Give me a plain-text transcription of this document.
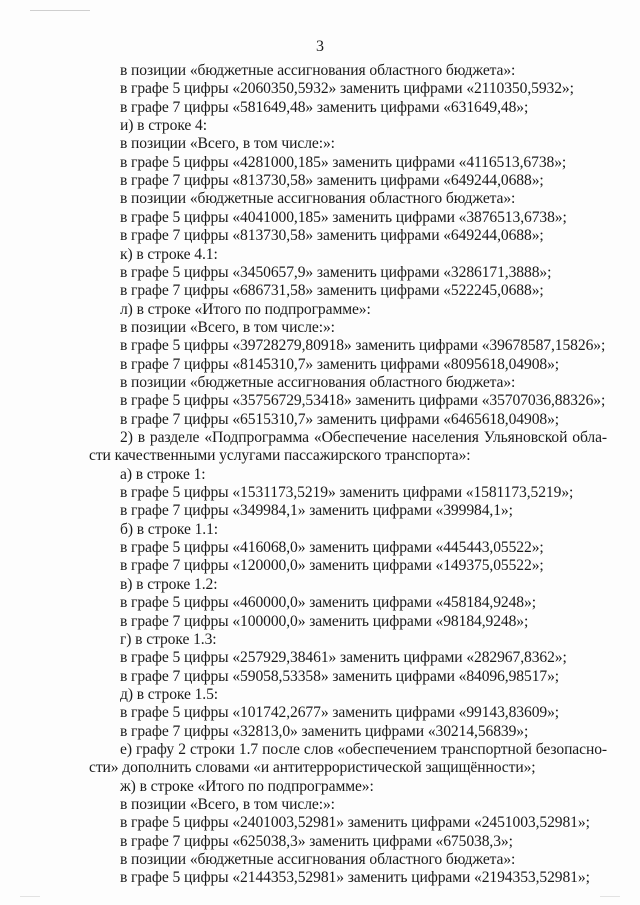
3
в позиции «бюджетные ассигнования областного бюджета»:
в графе 5 цифры «2060350,5932» заменить цифрами «2110350,5932»;
в графе 7 цифры «581649,48» заменить цифрами «631649,48»;
и) в строке 4:
в позиции «Всего, в том числе:»:
в графе 5 цифры «4281000,185» заменить цифрами «4116513,6738»;
в графе 7 цифры «813730,58» заменить цифрами «649244,0688»;
в позиции «бюджетные ассигнования областного бюджета»:
в графе 5 цифры «4041000,185» заменить цифрами «3876513,6738»;
в графе 7 цифры «813730,58» заменить цифрами «649244,0688»;
к) в строке 4.1:
в графе 5 цифры «3450657,9» заменить цифрами «3286171,3888»;
в графе 7 цифры «686731,58» заменить цифрами «522245,0688»;
л) в строке «Итого по подпрограмме»:
в позиции «Всего, в том числе:»:
в графе 5 цифры «39728279,80918» заменить цифрами «39678587,15826»;
в графе 7 цифры «8145310,7» заменить цифрами «8095618,04908»;
в позиции «бюджетные ассигнования областного бюджета»:
в графе 5 цифры «35756729,53418» заменить цифрами «35707036,88326»;
в графе 7 цифры «6515310,7» заменить цифрами «6465618,04908»;
2) в разделе «Подпрограмма «Обеспечение населения Ульяновской обла-
сти качественными услугами пассажирского транспорта»:
а) в строке 1:
в графе 5 цифры «1531173,5219» заменить цифрами «1581173,5219»;
в графе 7 цифры «349984,1» заменить цифрами «399984,1»;
б) в строке 1.1:
в графе 5 цифры «416068,0» заменить цифрами «445443,05522»;
в графе 7 цифры «120000,0» заменить цифрами «149375,05522»;
в) в строке 1.2:
в графе 5 цифры «460000,0» заменить цифрами «458184,9248»;
в графе 7 цифры «100000,0» заменить цифрами «98184,9248»;
г) в строке 1.3:
в графе 5 цифры «257929,38461» заменить цифрами «282967,8362»;
в графе 7 цифры «59058,53358» заменить цифрами «84096,98517»;
д) в строке 1.5:
в графе 5 цифры «101742,2677» заменить цифрами «99143,83609»;
в графе 7 цифры «32813,0» заменить цифрами «30214,56839»;
е) графу 2 строки 1.7 после слов «обеспечением транспортной безопасно-
сти» дополнить словами «и антитеррористической защищённости»;
ж) в строке «Итого по подпрограмме»:
в позиции «Всего, в том числе:»:
в графе 5 цифры «2401003,52981» заменить цифрами «2451003,52981»;
в графе 7 цифры «625038,3» заменить цифрами «675038,3»;
в позиции «бюджетные ассигнования областного бюджета»:
в графе 5 цифры «2144353,52981» заменить цифрами «2194353,52981»;
